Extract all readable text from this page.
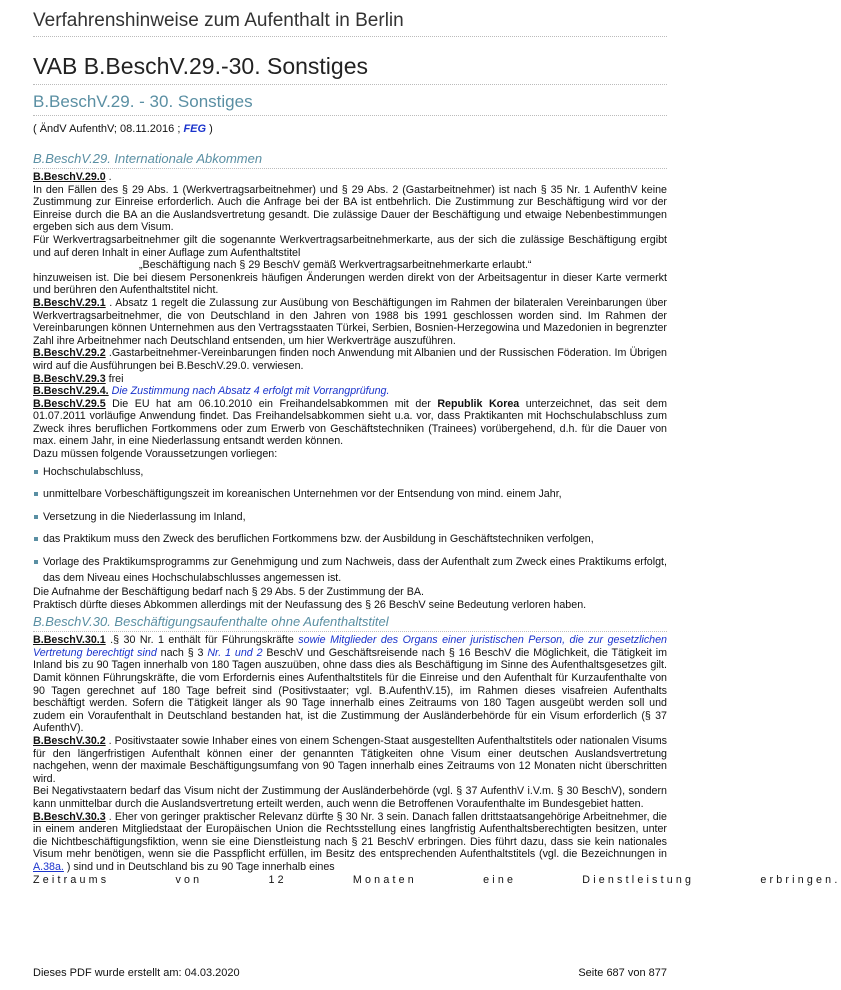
Verfahrenshinweise zum Aufenthalt in Berlin
VAB B.BeschV.29.-30. Sonstiges
B.BeschV.29. - 30. Sonstiges
( ÄndV AufenthV; 08.11.2016 ; FEG )
B.BeschV.29. Internationale Abkommen

B.BeschV.29.0 .

In den Fällen des § 29 Abs. 1 (Werkvertragsarbeitnehmer) und § 29 Abs. 2 (Gastarbeitnehmer) ist nach § 35 Nr. 1 AufenthV keine Zustimmung zur Einreise erforderlich. Auch die Anfrage bei der BA ist entbehrlich. Die Zustimmung zur Beschäftigung wird vor der Einreise durch die BA an die Auslandsvertretung gesandt. Die zulässige Dauer der Beschäftigung und etwaige Nebenbestimmungen ergeben sich aus dem Visum.

Für Werkvertragsarbeitnehmer gilt die sogenannte Werkvertragsarbeitnehmerkarte, aus der sich die zulässige Beschäftigung ergibt und auf deren Inhalt in einer Auflage zum Aufenthaltstitel

„Beschäftigung nach § 29 BeschV gemäß Werkvertragsarbeitnehmerkarte erlaubt.“

hinzuweisen ist. Die bei diesem Personenkreis häufigen Änderungen werden direkt von der Arbeitsagentur in dieser Karte vermerkt und berühren den Aufenthaltstitel nicht.

B.BeschV.29.1 . Absatz 1 regelt die Zulassung zur Ausübung von Beschäftigungen im Rahmen der bilateralen Vereinbarungen über Werkvertragsarbeitnehmer, die von Deutschland in den Jahren von 1988 bis 1991 geschlossen worden sind. Im Rahmen der Vereinbarungen können Unternehmen aus den Vertragsstaaten Türkei, Serbien, Bosnien-Herzegowina und Mazedonien in begrenzter Zahl ihre Arbeitnehmer nach Deutschland entsenden, um hier Werkverträge auszuführen.

B.BeschV.29.2 .Gastarbeitnehmer-Vereinbarungen finden noch Anwendung mit Albanien und der Russischen Föderation. Im Übrigen wird auf die Ausführungen bei B.BeschV.29.0. verwiesen.

B.BeschV.29.3 frei

B.BeschV.29.4. Die Zustimmung nach Absatz 4 erfolgt mit Vorrangprüfung.

B.BeschV.29.5 Die EU hat am 06.10.2010 ein Freihandelsabkommen mit der Republik Korea unterzeichnet, das seit dem 01.07.2011 vorläufige Anwendung findet. Das Freihandelsabkommen sieht u.a. vor, dass Praktikanten mit Hochschulabschluss zum Zweck ihres beruflichen Fortkommens oder zum Erwerb von Geschäftstechniken (Trainees) vorübergehend, d.h. für die Dauer von max. einem Jahr, in eine Niederlassung entsandt werden können.

Dazu müssen folgende Voraussetzungen vorliegen:

Hochschulabschluss,
unmittelbare Vorbeschäftigungszeit im koreanischen Unternehmen vor der Entsendung von mind. einem Jahr,
Versetzung in die Niederlassung im Inland,
das Praktikum muss den Zweck des beruflichen Fortkommens bzw. der Ausbildung in Geschäftstechniken verfolgen,
Vorlage des Praktikumsprogramms zur Genehmigung und zum Nachweis, dass der Aufenthalt zum Zweck eines Praktikums erfolgt, das dem Niveau eines Hochschulabschlusses angemessen ist.

Die Aufnahme der Beschäftigung bedarf nach § 29 Abs. 5 der Zustimmung der BA.

Praktisch dürfte dieses Abkommen allerdings mit der Neufassung des § 26 BeschV seine Bedeutung verloren haben.

B.BeschV.30. Beschäftigungsaufenthalte ohne Aufenthaltstitel

B.BeschV.30.1 .§ 30 Nr. 1 enthält für Führungskräfte sowie Mitglieder des Organs einer juristischen Person, die zur gesetzlichen Vertretung berechtigt sind nach § 3 Nr. 1 und 2 BeschV und Geschäftsreisende nach § 16 BeschV die Möglichkeit, die Tätigkeit im Inland bis zu 90 Tagen innerhalb von 180 Tagen auszuüben, ohne dass dies als Beschäftigung im Sinne des Aufenthaltsgesetzes gilt. Damit können Führungskräfte, die vom Erfordernis eines Aufenthaltstitels für die Einreise und den Aufenthalt für Kurzaufenthalte von 90 Tagen gerechnet auf 180 Tage befreit sind (Positivstaater; vgl. B.AufenthV.15), im Rahmen dieses visafreien Aufenthalts beschäftigt werden. Sofern die Tätigkeit länger als 90 Tage innerhalb eines Zeitraums von 180 Tagen ausgeübt werden soll und zudem ein Voraufenthalt in Deutschland bestanden hat, ist die Zustimmung der Ausländerbehörde für ein Visum erforderlich (§ 37 AufenthV).

B.BeschV.30.2 . Positivstaater sowie Inhaber eines von einem Schengen-Staat ausgestellten Aufenthaltstitels oder nationalen Visums für den längerfristigen Aufenthalt können einer der genannten Tätigkeiten ohne Visum einer deutschen Auslandsvertretung nachgehen, wenn der maximale Beschäftigungsumfang von 90 Tagen innerhalb eines Zeitraums von 12 Monaten nicht überschritten wird.

Bei Negativstaatern bedarf das Visum nicht der Zustimmung der Ausländerbehörde (vgl. § 37 AufenthV i.V.m. § 30 BeschV), sondern kann unmittelbar durch die Auslandsvertretung erteilt werden, auch wenn die Betroffenen Voraufenthalte im Bundesgebiet hatten.

B.BeschV.30.3 . Eher von geringer praktischer Relevanz dürfte § 30 Nr. 3 sein. Danach fallen drittstaatsangehörige Arbeitnehmer, die in einem anderen Mitgliedstaat der Europäischen Union die Rechtsstellung eines langfristig Aufenthaltsberechtigten besitzen, unter die Nichtbeschäftigungsfiktion, wenn sie eine Dienstleistung nach § 21 BeschV erbringen. Dies führt dazu, dass sie kein nationales Visum mehr benötigen, wenn sie die Passpflicht erfüllen, im Besitz des entsprechenden Aufenthaltstitels (vgl. die Bezeichnungen in A.38a. ) sind und in Deutschland bis zu 90 Tage innerhalb eines

Zeitraums von 12 Monaten eine Dienstleistung erbringen.

Dieses PDF wurde erstellt am: 04.03.2020	Seite 687 von 877
